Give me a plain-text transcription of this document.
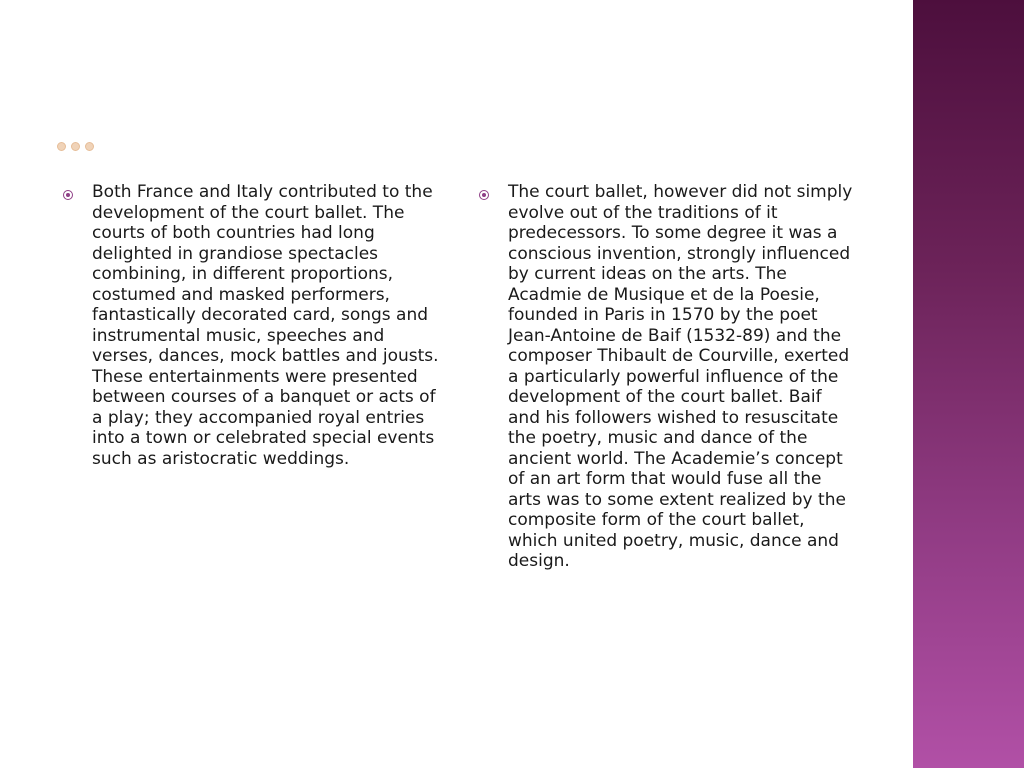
Both France and Italy contributed to the development of the court ballet. The courts of both countries had long delighted in grandiose spectacles combining, in different proportions, costumed and masked performers, fantastically decorated card, songs and instrumental music, speeches and verses, dances, mock battles and jousts. These entertainments were presented between courses of a banquet or acts of a play; they accompanied royal entries into a town or celebrated special events such as aristocratic weddings.

The court ballet, however did not simply evolve out of the traditions of it predecessors. To some degree it was a conscious invention, strongly influenced by current ideas on the arts. The Acadmie de Musique et de la Poesie, founded in Paris in 1570 by the poet Jean-Antoine de Baif (1532-89) and the composer Thibault de Courville, exerted a particularly powerful influence of the development of the court ballet. Baif and his followers wished to resuscitate the poetry, music and dance of the ancient world. The Academie’s concept of an art form that would fuse all the arts was to some extent realized by the composite form of the court ballet, which united poetry, music, dance and design.
